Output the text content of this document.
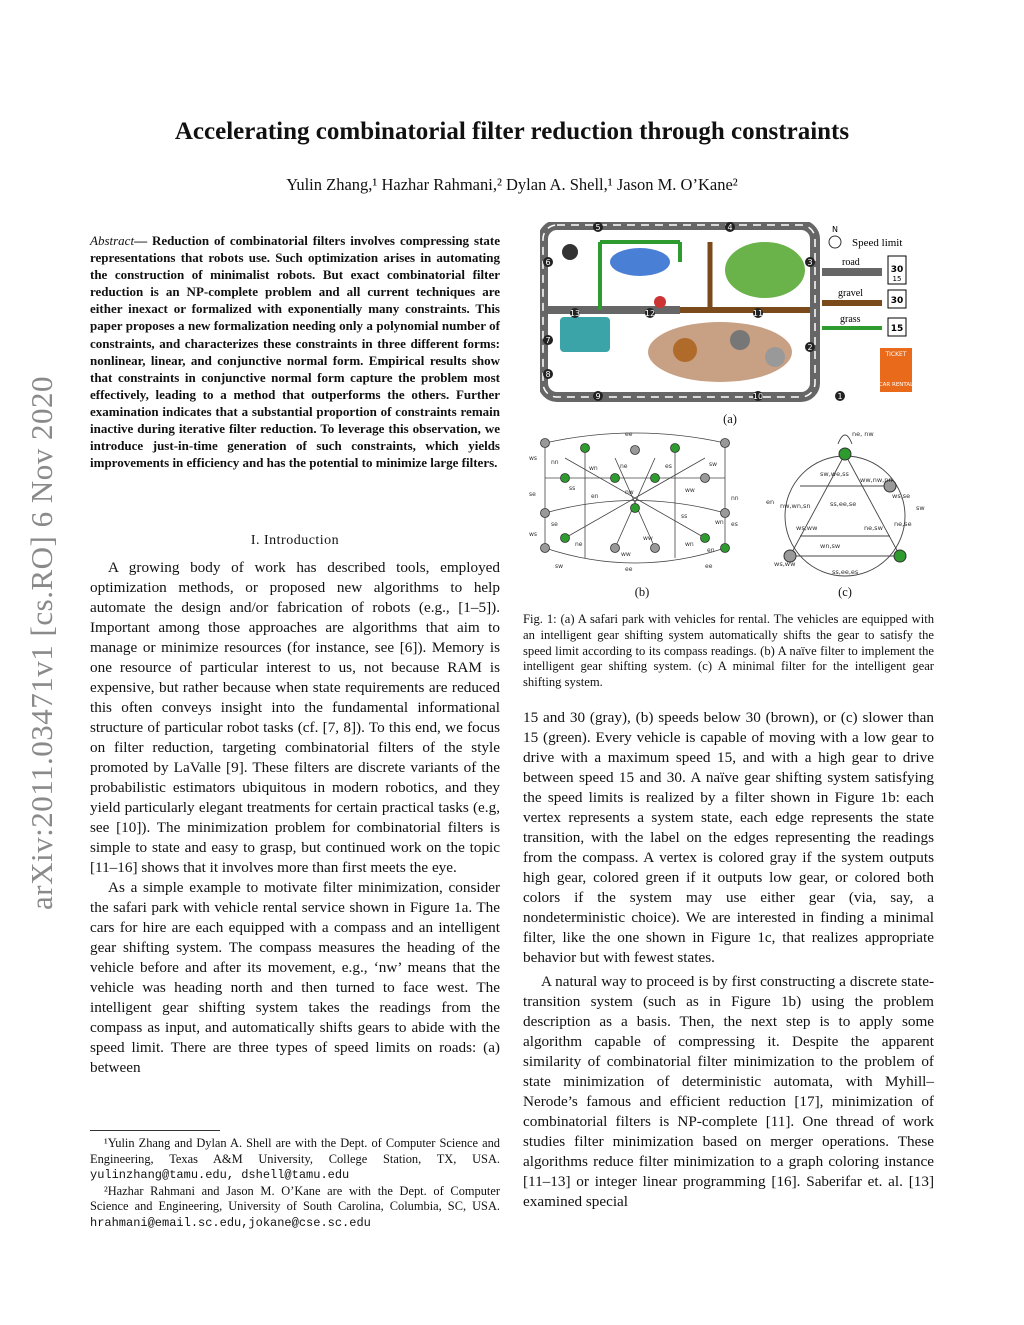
Accelerating combinatorial filter reduction through constraints
Yulin Zhang,¹ Hazhar Rahmani,² Dylan A. Shell,¹ Jason M. O’Kane²
arXiv:2011.03471v1 [cs.RO] 6 Nov 2020
Abstract— Reduction of combinatorial filters involves compressing state representations that robots use. Such optimization arises in automating the construction of minimalist robots. But exact combinatorial filter reduction is an NP-complete problem and all current techniques are either inexact or formalized with exponentially many constraints. This paper proposes a new formalization needing only a polynomial number of constraints, and characterizes these constraints in three different forms: nonlinear, linear, and conjunctive normal form. Empirical results show that constraints in conjunctive normal form capture the problem most effectively, leading to a method that outperforms the others. Further examination indicates that a substantial proportion of constraints remain inactive during iterative filter reduction. To leverage this observation, we introduce just-in-time generation of such constraints, which yields improvements in efficiency and has the potential to minimize large filters.
I. Introduction

A growing body of work has described tools, employed optimization methods, or proposed new algorithms to help automate the design and/or fabrication of robots (e.g., [1–5]). Important among those approaches are algorithms that aim to manage or minimize resources (for instance, see [6]). Memory is one resource of particular interest to us, not because RAM is expensive, but rather because when state requirements are reduced this often conveys insight into the fundamental informational structure of particular robot tasks (cf. [7, 8]). To this end, we focus on filter reduction, targeting combinatorial filters of the style promoted by LaValle [9]. These filters are discrete variants of the probabilistic estimators ubiquitous in modern robotics, and they yield particularly elegant treatments for certain practical tasks (e.g, see [10]). The minimization problem for combinatorial filters is simple to state and easy to grasp, but continued work on the topic [11–16] shows that it involves more than first meets the eye.

As a simple example to motivate filter minimization, consider the safari park with vehicle rental service shown in Figure 1a. The cars for hire are each equipped with a compass and an intelligent gear shifting system. The compass measures the heading of the vehicle before and after its movement, e.g., ‘nw’ means that the vehicle was heading north and then turned to face west. The intelligent gear shifting system takes the readings from the compass as input, and automatically shifts gears to abide with the speed limit. There are three types of speed limits on roads: (a) between

¹Yulin Zhang and Dylan A. Shell are with the Dept. of Computer Science and Engineering, Texas A&M University, College Station, TX, USA. yulinzhang@tamu.edu, dshell@tamu.edu

²Hazhar Rahmani and Jason M. O’Kane are with the Dept. of Computer Science and Engineering, University of South Carolina, Columbia, SC, USA. hrahmani@email.sc.edu,jokane@cse.sc.edu

5	4
6	3
7
2
8
9	10	1
11
12
13
N
Speed limit
road
gravel
grass
30
15
30
15
TICKET
CAR RENTAL
(a)
ee
ws
nn
se
ss
wn	ne	es	sw
ww
nw
en
ee
ww
sw
en
wn
ne
ww
ee
es
nn
ss
wn
se
ws
(b)
ne, nw
sw,we,ss
ww,nw,nn
ss,ee,se
nw,wn,sn
ws,se
en
sw
ne,se
ss,ee,es
wn,sw
ne,sw
ws,ww
ws,ww
(c)
Fig. 1: (a) A safari park with vehicles for rental. The vehicles are equipped with an intelligent gear shifting system automatically shifts the gear to satisfy the speed limit according to its compass readings. (b) A naïve filter to implement the intelligent gear shifting system. (c) A minimal filter for the intelligent gear shifting system.

15 and 30 (gray), (b) speeds below 30 (brown), or (c) slower than 15 (green). Every vehicle is capable of moving with a low gear to drive with a maximum speed 15, and with a high gear to drive between speed 15 and 30. A naïve gear shifting system satisfying the speed limits is realized by a filter shown in Figure 1b: each vertex represents a system state, each edge represents the state transition, with the label on the edges representing the readings from the compass. A vertex is colored gray if the system outputs high gear, colored green if it outputs low gear, or colored both colors if the system may use either gear (via, say, a nondeterministic choice). We are interested in finding a minimal filter, like the one shown in Figure 1c, that realizes appropriate behavior but with fewest states.

A natural way to proceed is by first constructing a discrete state-transition system (such as in Figure 1b) using the problem description as a basis. Then, the next step is to apply some algorithm capable of compressing it. Despite the apparent similarity of combinatorial filter minimization to the problem of state minimization of deterministic automata, with Myhill–Nerode’s famous and efficient reduction [17], minimization of combinatorial filters is NP-complete [11]. One thread of work studies filter minimization based on merger operations. These algorithms reduce filter minimization to a graph coloring instance [11–13] or integer linear programming [16]. Saberifar et. al. [13] examined special
